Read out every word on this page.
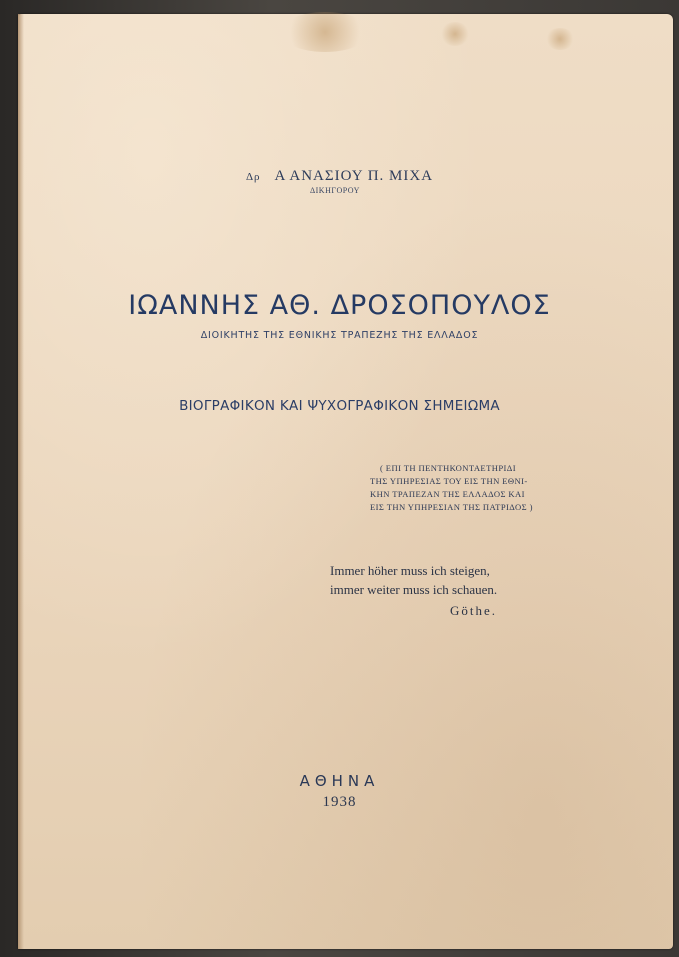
Δρ Α ΑΝΑΣΙΟΥ Π. ΜΙΧΑ
ΔΙΚΗΓΟΡΟΥ
ΙΩΑΝΝΗΣ ΑΘ. ΔΡΟΣΟΠΟΥΛΟΣ
ΔΙΟΙΚΗΤΗΣ ΤΗΣ ΕΘΝΙΚΗΣ ΤΡΑΠΕΖΗΣ ΤΗΣ ΕΛΛΑΔΟΣ
ΒΙΟΓΡΑΦΙΚΟΝ ΚΑΙ ΨΥΧΟΓΡΑΦΙΚΟΝ ΣΗΜΕΙΩΜΑ
( ΕΠΙ ΤΗ ΠΕΝΤΗΚΟΝΤΑΕΤΗΡΙΔΙ
ΤΗΣ ΥΠΗΡΕΣΙΑΣ ΤΟΥ ΕΙΣ ΤΗΝ ΕΘΝΙ-
ΚΗΝ ΤΡΑΠΕΖΑΝ ΤΗΣ ΕΛΛΑΔΟΣ ΚΑΙ
ΕΙΣ ΤΗΝ ΥΠΗΡΕΣΙΑΝ ΤΗΣ ΠΑΤΡΙΔΟΣ )
Immer höher muss ich steigen,
immer weiter muss ich schauen.
Göthe.
ΑΘΗΝΑ
1938
